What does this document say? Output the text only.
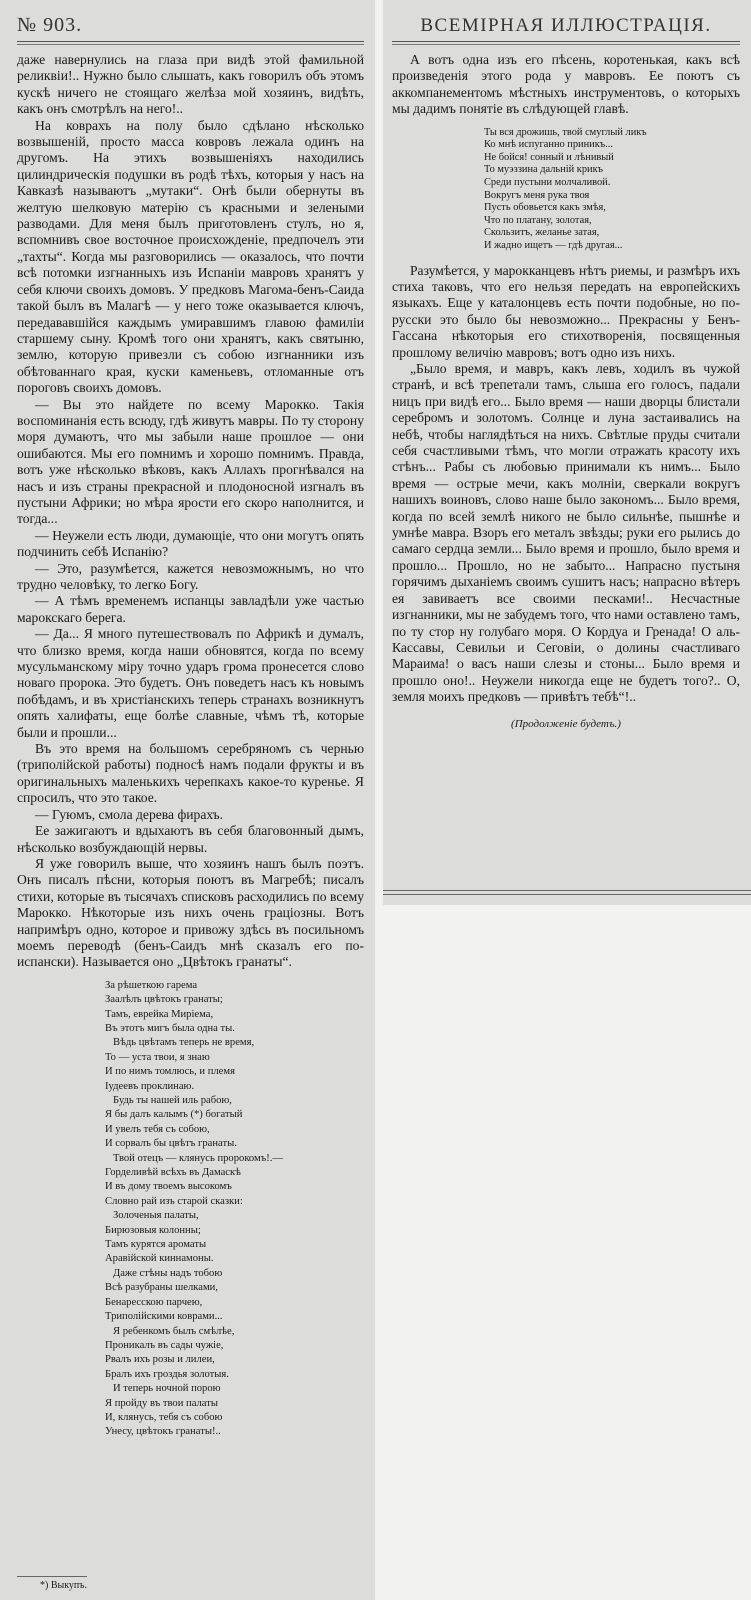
№ 903.

даже навернулись на глаза при видѣ этой фамильной реликвіи!.. Нужно было слышать, какъ говорилъ объ этомъ кускѣ ничего не стоящаго желѣза мой хозяинъ, видѣть, какъ онъ смотрѣлъ на него!..

На коврахъ на полу было сдѣлано нѣсколько возвышеній, просто масса ковровъ лежала одинъ на другомъ. На этихъ возвышеніяхъ находились цилиндрическія подушки въ родѣ тѣхъ, которыя у насъ на Кавказѣ называютъ „мутаки“. Онѣ были обернуты въ желтую шелковую матерію съ красными и зелеными разводами. Для меня былъ приготовленъ стулъ, но я, вспомнивъ свое восточное происхожденіе, предпочелъ эти „тахты“. Когда мы разговорились — оказалось, что почти всѣ потомки изгнанныхъ изъ Испаніи мавровъ хранятъ у себя ключи своихъ домовъ. У предковъ Магома-бенъ-Саида такой былъ въ Малагѣ — у него тоже оказывается ключъ, передававшійся каждымъ умиравшимъ главою фамиліи старшему сыну. Кромѣ того они хранятъ, какъ святыню, землю, которую привезли съ собою изгнанники изъ обѣтованнаго края, куски каменьевъ, отломанные отъ пороговъ своихъ домовъ.

— Вы это найдете по всему Марокко. Такія воспоминанія есть всюду, гдѣ живутъ мавры. По ту сторону моря думаютъ, что мы забыли наше прошлое — они ошибаются. Мы его помнимъ и хорошо помнимъ. Правда, вотъ уже нѣсколько вѣковъ, какъ Аллахъ прогнѣвался на насъ и изъ страны прекрасной и плодоносной изгналъ въ пустыни Африки; но мѣра ярости его скоро наполнится, и тогда...

— Неужели есть люди, думающіе, что они могутъ опять подчинить себѣ Испанію?

— Это, разумѣется, кажется невозможнымъ, но что трудно человѣку, то легко Богу.

— А тѣмъ временемъ испанцы завладѣли уже частью марокскаго берега.

— Да... Я много путешествовалъ по Африкѣ и думалъ, что близко время, когда наши обновятся, когда по всему мусульманскому міру точно ударъ грома пронесется слово новаго пророка. Это будетъ. Онъ поведетъ насъ къ новымъ побѣдамъ, и въ христіанскихъ теперь странахъ возникнутъ опять халифаты, еще болѣе славные, чѣмъ тѣ, которые были и прошли...

Въ это время на большомъ серебряномъ съ чернью (триполійской работы) подносѣ намъ подали фрукты и въ оригинальныхъ маленькихъ черепкахъ какое-то куренье. Я спросилъ, что это такое.

— Гуюмъ, смола дерева фирахъ.

Ее зажигаютъ и вдыхаютъ въ себя благовонный дымъ, нѣсколько возбуждающій нервы.

Я уже говорилъ выше, что хозяинъ нашъ былъ поэтъ. Онъ писалъ пѣсни, которыя поютъ въ Магребѣ; писалъ стихи, которые въ тысячахъ списковъ расходились по всему Марокко. Нѣкоторые изъ нихъ очень граціозны. Вотъ напримѣръ одно, которое и привожу здѣсь въ посильномъ моемъ переводѣ (бенъ-Саидъ мнѣ сказалъ его по-испански). Называется оно „Цвѣтокъ гранаты“.

За рѣшеткою гарема
Заалѣлъ цвѣтокъ гранаты;
Тамъ, еврейка Миріема,
Въ этотъ мигъ была одна ты.
Вѣдь цвѣтамъ теперь не время,
То — уста твои, я знаю
И по нимъ томлюсь, и племя
Іудеевъ проклинаю.
Будь ты нашей иль рабою,
Я бы далъ калымъ (*) богатый
И увелъ тебя съ собою,
И сорвалъ бы цвѣтъ гранаты.
Твой отецъ — клянусь пророкомъ!.—
Горделивѣй всѣхъ въ Дамаскѣ
И въ дому твоемъ высокомъ
Словно рай изъ старой сказки:
Золоченыя палаты,
Бирюзовыя колонны;
Тамъ курятся ароматы
Аравійской киннамоны.
Даже стѣны надъ тобою
Всѣ разубраны шелками,
Бенаресскою парчею,
Триполійскими коврами...
Я ребенкомъ былъ смѣлѣе,
Проникалъ въ сады чужіе,
Рвалъ ихъ розы и лилеи,
Бралъ ихъ гроздья золотыя.
И теперь ночной порою
Я пройду въ твои палаты
И, клянусь, тебя съ собою
Унесу, цвѣтокъ гранаты!..
*) Выкупъ.
ВСЕМІРНАЯ ИЛЛЮСТРАЦІЯ.

А вотъ одна изъ его пѣсень, коротенькая, какъ всѣ произведенія этого рода у мавровъ. Ее поютъ съ аккомпанементомъ мѣстныхъ инструментовъ, о которыхъ мы дадимъ понятіе въ слѣдующей главѣ.

Ты вся дрожишь, твой смуглый ликъ
Ко мнѣ испуганно приникъ...
Не бойся! сонный и лѣнивый
То муэззина дальній крикъ
Среди пустыни молчаливой.
Вокругъ меня рука твоя
Пусть обовьется какъ змѣя,
Что по платану, золотая,
Скользитъ, желанье затая,
И жадно ищетъ — гдѣ другая...

Разумѣется, у марокканцевъ нѣтъ риемы, и размѣръ ихъ стиха таковъ, что его нельзя передать на европейскихъ языкахъ. Еще у каталонцевъ есть почти подобные, но по-русски это было бы невозможно... Прекрасны у Бенъ-Гассана нѣкоторыя его стихотворенія, посвященныя прошлому величію мавровъ; вотъ одно изъ нихъ.

„Было время, и мавръ, какъ левъ, ходилъ въ чужой странѣ, и всѣ трепетали тамъ, слыша его голосъ, падали ницъ при видѣ его... Было время — наши дворцы блистали серебромъ и золотомъ. Солнце и луна застаивались на небѣ, чтобы наглядѣться на нихъ. Свѣтлые пруды считали себя счастливыми тѣмъ, что могли отражать красоту ихъ стѣнъ... Рабы съ любовью принимали къ нимъ... Было время — острые мечи, какъ молніи, сверкали вокругъ нашихъ воиновъ, слово наше было закономъ... Было время, когда по всей землѣ никого не было сильнѣе, пышнѣе и умнѣе мавра. Взоръ его металъ звѣзды; руки его рылись до самаго сердца земли... Было время и прошло, было время и прошло... Прошло, но не забыто... Напрасно пустыня горячимъ дыханіемъ своимъ сушитъ насъ; напрасно вѣтеръ ея завиваетъ все своими песками!.. Несчастные изгнанники, мы не забудемъ того, что нами оставлено тамъ, по ту стор ну голубаго моря. О Кордуа и Гренада! О аль-Кассавы, Севильи и Сеговіи, о долины счастливаго Мараима! о васъ наши слезы и стоны... Было время и прошло оно!.. Неужели никогда еще не будетъ того?.. О, земля моихъ предковъ — привѣтъ тебѣ“!..

(Продолженіе будетъ.)
